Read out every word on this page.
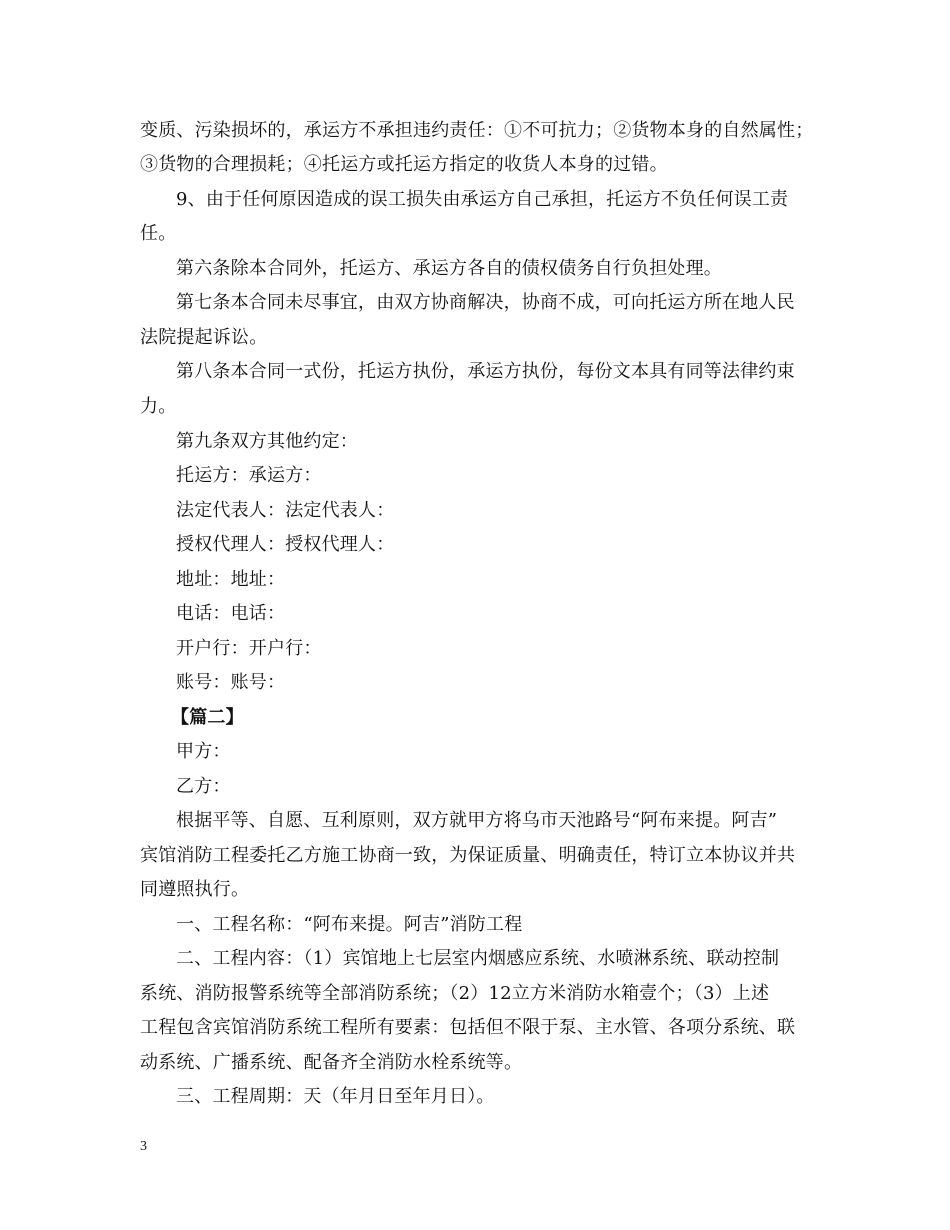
变质、污染损坏的，承运方不承担违约责任：①不可抗力；②货物本身的自然属性；
③货物的合理损耗；④托运方或托运方指定的收货人本身的过错。
9、由于任何原因造成的误工损失由承运方自己承担，托运方不负任何误工责
任。
第六条除本合同外，托运方、承运方各自的债权债务自行负担处理。
第七条本合同未尽事宜，由双方协商解决，协商不成，可向托运方所在地人民
法院提起诉讼。
第八条本合同一式份，托运方执份，承运方执份，每份文本具有同等法律约束
力。
第九条双方其他约定：
托运方：承运方：
法定代表人：法定代表人：
授权代理人：授权代理人：
地址：地址：
电话：电话：
开户行：开户行：
账号：账号：
【篇二】
甲方：
乙方：
根据平等、自愿、互利原则，双方就甲方将乌市天池路号“阿布来提。阿吉”
宾馆消防工程委托乙方施工协商一致，为保证质量、明确责任，特订立本协议并共
同遵照执行。
一、工程名称：“阿布来提。阿吉”消防工程
二、工程内容：（1）宾馆地上七层室内烟感应系统、水喷淋系统、联动控制
系统、消防报警系统等全部消防系统；（2）12立方米消防水箱壹个；（3）上述
工程包含宾馆消防系统工程所有要素：包括但不限于泵、主水管、各项分系统、联
动系统、广播系统、配备齐全消防水栓系统等。
三、工程周期：天（年月日至年月日）。
3
